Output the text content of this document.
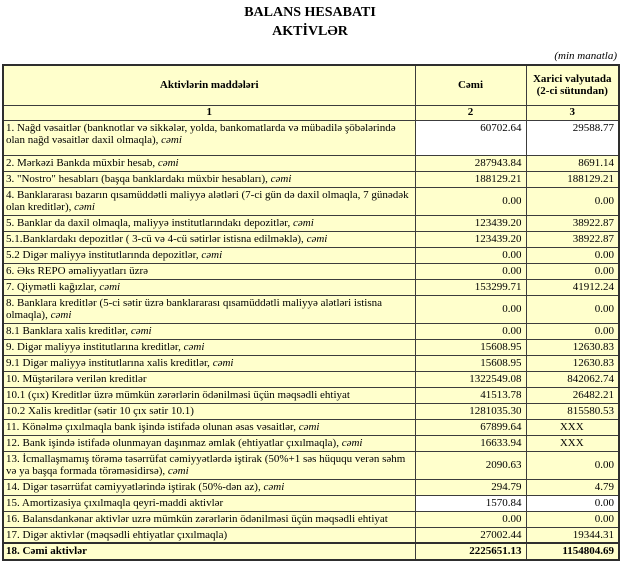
BALANS HESABATI
AKTİVLƏR
(min manatla)
Aktivlərin maddələri	Cəmi	Xarici valyutada (2-ci sütundan)
1	2	3
1. Nağd vəsaitlər (banknotlar və sikkələr, yolda, bankomatlarda və mübadilə şöbələrində olan nağd vəsaitlər daxil olmaqla), cəmi	60702.64	29588.77
2. Mərkəzi Bankda müxbir hesab, cəmi	287943.84	8691.14
3. "Nostro" hesabları (başqa banklardakı müxbir hesabları), cəmi	188129.21	188129.21
4. Banklararası bazarın qısamüddətli maliyyə alətləri (7-ci gün də daxil olmaqla, 7 günədək olan kreditlər), cəmi	0.00	0.00
5. Banklar da daxil olmaqla, maliyyə institutlarındakı depozitlər, cəmi	123439.20	38922.87
5.1.Banklardakı depozitlər ( 3-cü və 4-cü sətirlər istisna edilməklə), cəmi	123439.20	38922.87
5.2 Digər maliyyə institutlarında depozitlər, cəmi	0.00	0.00
6. Əks REPO əməliyyatları üzrə	0.00	0.00
7. Qiymətli kağızlar, cəmi	153299.71	41912.24
8. Banklara kreditlər (5-ci sətir üzrə banklararası qısamüddətli maliyyə alətləri istisna olmaqla), cəmi	0.00	0.00
8.1 Banklara xalis kreditlər, cəmi	0.00	0.00
9. Digər maliyyə institutlarına kreditlər, cəmi	15608.95	12630.83
9.1 Digər maliyyə institutlarına xalis kreditlər, cəmi	15608.95	12630.83
10. Müştərilərə verilən kreditlər	1322549.08	842062.74
10.1 (çıx) Kreditlər üzrə mümkün zərərlərin ödənilməsi üçün məqsədli ehtiyat	41513.78	26482.21
10.2 Xalis kreditlər (sətir 10 çıx sətir 10.1)	1281035.30	815580.53
11. Könəlmə çıxılmaqla bank işində istifadə olunan əsas vəsaitlər, cəmi	67899.64	XXX
12. Bank işində istifadə olunmayan daşınmaz əmlak (ehtiyatlar çıxılmaqla), cəmi	16633.94	XXX
13. İcmallaşmamış törəmə təsərrüfat cəmiyyətlərdə iştirak (50%+1 səs hüququ verən səhm və ya başqa formada törəməsidirsə), cəmi	2090.63	0.00
14. Digər təsərrüfat cəmiyyətlərində iştirak (50%-dən az), cəmi	294.79	4.79
15. Amortizasiya çıxılmaqla qeyri-maddi aktivlər	1570.84	0.00
16. Balansdankənar aktivlər uzrə mümkün zərərlərin ödənilməsi üçün məqsədli ehtiyat	0.00	0.00
17. Digər aktivlər (məqsədli ehtiyatlar çıxılmaqla)	27002.44	19344.31
18. Cəmi aktivlər	2225651.13	1154804.69
